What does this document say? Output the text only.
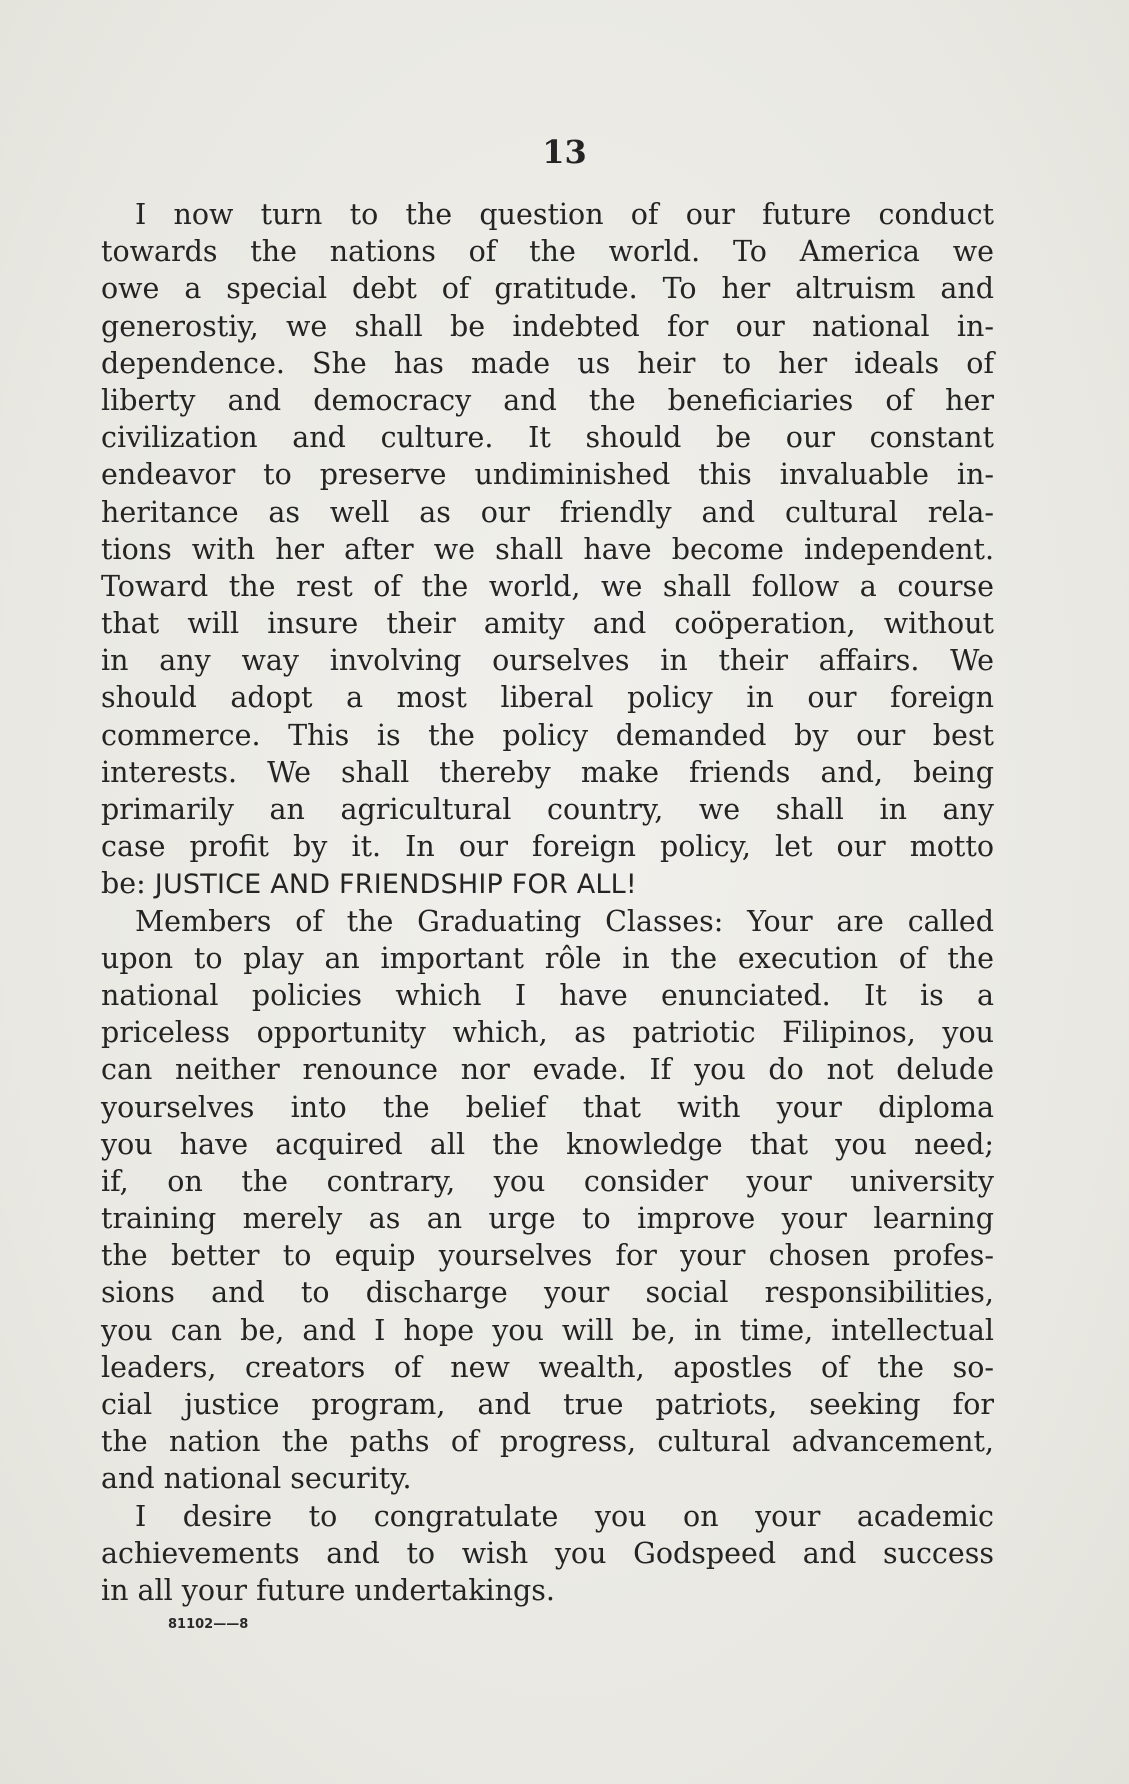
13

I now turn to the question of our future conduct
towards the nations of the world. To America we
owe a special debt of gratitude. To her altruism and
generostiy, we shall be indebted for our national in-
dependence. She has made us heir to her ideals of
liberty and democracy and the beneficiaries of her
civilization and culture. It should be our constant
endeavor to preserve undiminished this invaluable in-
heritance as well as our friendly and cultural rela-
tions with her after we shall have become independent.
Toward the rest of the world, we shall follow a course
that will insure their amity and coöperation, without
in any way involving ourselves in their affairs. We
should adopt a most liberal policy in our foreign
commerce. This is the policy demanded by our best
interests. We shall thereby make friends and, being
primarily an agricultural country, we shall in any
case profit by it. In our foreign policy, let our motto
be: JUSTICE AND FRIENDSHIP FOR ALL!
Members of the Graduating Classes: Your are called
upon to play an important rôle in the execution of the
national policies which I have enunciated. It is a
priceless opportunity which, as patriotic Filipinos, you
can neither renounce nor evade. If you do not delude
yourselves into the belief that with your diploma
you have acquired all the knowledge that you need;
if, on the contrary, you consider your university
training merely as an urge to improve your learning
the better to equip yourselves for your chosen profes-
sions and to discharge your social responsibilities,
you can be, and I hope you will be, in time, intellectual
leaders, creators of new wealth, apostles of the so-
cial justice program, and true patriots, seeking for
the nation the paths of progress, cultural advancement,
and national security.
I desire to congratulate you on your academic
achievements and to wish you Godspeed and success
in all your future undertakings.

81102——8
